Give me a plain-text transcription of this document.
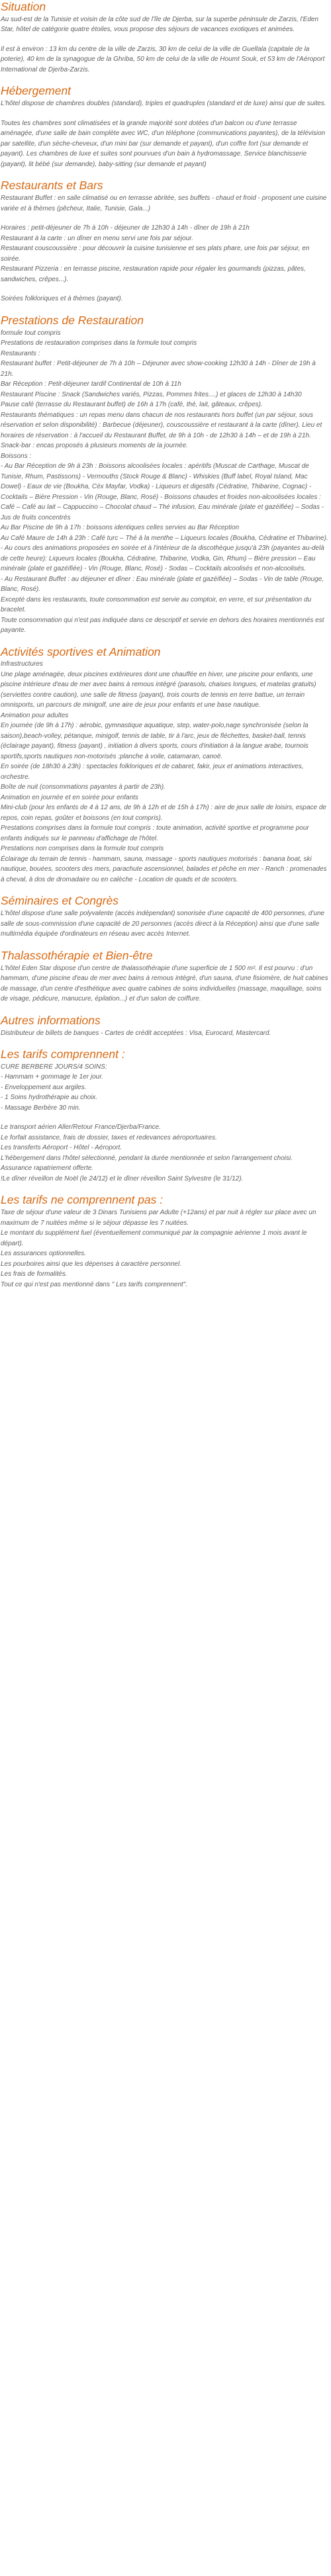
Situation

Au sud-est de la Tunisie et voisin de la côte sud de l'île de Djerba, sur la superbe péninsule de Zarzis, l'Eden Star, hôtel de catégorie quatre étoiles, vous propose des séjours de vacances exotiques et animées.

Il est à environ : 13 km du centre de la ville de Zarzis, 30 km de celui de la ville de Guellala (capitale de la poterie), 40 km de la synagogue de la Ghriba, 50 km de celui de la ville de Houmt Souk, et 53 km de l'Aéroport International de Djerba-Zarzis.

Hébergement

L'hôtel dispose de chambres doubles (standard), triples et quadruples (standard et de luxe) ainsi que de suites.

Toutes les chambres sont climatisées et la grande majorité sont dotées d'un balcon ou d'une terrasse aménagée, d'une salle de bain complète avec WC, d'un téléphone (communications payantes), de la télévision par satellite, d'un sèche-cheveux, d'un mini bar (sur demande et payant), d'un coffre fort (sur demande et payant). Les chambres de luxe et suites sont pourvues d'un bain à hydromassage. Service blanchisserie (payant), lit bébé (sur demande), baby-sitting (sur demande et payant)

Restaurants et Bars

Restaurant Buffet : en salle climatisé ou en terrasse abritée, ses buffets - chaud et froid - proposent une cuisine variée et à thèmes (pêcheur, Italie, Tunisie, Gala...)

Horaires : petit-déjeuner de 7h à 10h - déjeuner de 12h30 à 14h - dîner de 19h à 21h

Restaurant à la carte : un dîner en menu servi une fois par séjour.

Restaurant couscoussière : pour découvrir la cuisine tunisienne et ses plats phare, une fois par séjour, en soirée.

Restaurant Pizzeria : en terrasse piscine, restauration rapide pour régaler les gourmands (pizzas, pâtes, sandwiches, crêpes...).

Soirées folkloriques et à thèmes (payant).

Prestations de Restauration

formule tout compris

Prestations de restauration comprises dans la formule tout compris

Restaurants :

Restaurant buffet : Petit-déjeuner de 7h à 10h – Déjeuner avec show-cooking 12h30 à 14h - Dîner de 19h à 21h.

Bar Réception : Petit-déjeuner tardif Continental de 10h à 11h

Restaurant Piscine : Snack (Sandwiches variés, Pizzas, Pommes frites....) et glaces de 12h30 à 14h30

Pause café (terrasse du Restaurant buffet) de 16h à 17h (café, thé, lait, gâteaux, crêpes).

Restaurants thématiques : un repas menu dans chacun de nos restaurants hors buffet (un par séjour, sous réservation et selon disponibilité) : Barbecue (déjeuner), couscoussière et restaurant à la carte (dîner). Lieu et horaires de réservation : à l'accueil du Restaurant Buffet, de 9h à 10h - de 12h30 à 14h – et de 19h à 21h.

Snack-bar : encas proposés à plusieurs moments de la journée.

Boissons :

- Au Bar Réception de 9h à 23h : Boissons alcoolisées locales : apéritifs (Muscat de Carthage, Muscat de Tunisie, Rhum, Pastissons) - Vermouths (Stock Rouge & Blanc) - Whiskies (Buff label, Royal Island, Mac Dowel) - Eaux de vie (Boukha, Céx Mayfar, Vodka) - Liqueurs et digestifs (Cédratine, Thibarine, Cognac) - Cocktails – Bière Pression - Vin (Rouge, Blanc, Rosé) - Boissons chaudes et froides non-alcoolisées locales : Café – Café au lait – Cappuccino – Chocolat chaud – Thé infusion, Eau minérale (plate et gazéifiée) – Sodas - Jus de fruits concentrés

Au Bar Piscine de 9h à 17h : boissons identiques celles servies au Bar Réception

Au Café Maure de 14h à 23h : Café turc – Thé à la menthe – Liqueurs locales (Boukha, Cédratine et Thibarine).

- Au cours des animations proposées en soirée et à l'intérieur de la discothèque jusqu'à 23h (payantes au-delà de cette heure): Liqueurs locales (Boukha, Cédratine, Thibarine, Vodka, Gin, Rhum) – Bière pression – Eau minérale (plate et gazéifiée) - Vin (Rouge, Blanc, Rosé) - Sodas – Cocktails alcoolisés et non-alcoolisés.

- Au Restaurant Buffet : au déjeuner et dîner : Eau minérale (plate et gazéifiée) – Sodas - Vin de table (Rouge, Blanc, Rosé).

Excepté dans les restaurants, toute consommation est servie au comptoir, en verre, et sur présentation du bracelet.

Toute consommation qui n'est pas indiquée dans ce descriptif et servie en dehors des horaires mentionnés est payante.

Activités sportives et Animation

Infrastructures

Une plage aménagée, deux piscines extérieures dont une chauffée en hiver, une piscine pour enfants, une piscine intérieure d'eau de mer avec bains à remous intégré (parasols, chaises longues, et matelas gratuits) (serviettes contre caution), une salle de fitness (payant), trois courts de tennis en terre battue, un terrain omnisports, un parcours de minigolf, une aire de jeux pour enfants et une base nautique.

Animation pour adultes

En journée (de 9h à 17h) : aérobic, gymnastique aquatique, step, water-polo,nage synchronisée (selon la saison),beach-volley, pétanque, minigolf, tennis de table, tir à l'arc, jeux de fléchettes, basket-ball, tennis (éclairage payant), fitness (payant) , initiation à divers sports, cours d'initiation à la langue arabe, tournois sportifs,sports nautiques non-motorisés :planche à voile, catamaran, canoë.

En soirée (de 18h30 à 23h) : spectacles folkloriques et de cabaret, fakir, jeux et animations interactives, orchestre.

Boîte de nuit (consommations payantes à partir de 23h).

Animation en journée et en soirée pour enfants

Mini-club (pour les enfants de 4 à 12 ans, de 9h à 12h et de 15h à 17h) : aire de jeux salle de loisirs, espace de repos, coin repas, goûter et boissons (en tout compris).

Prestations comprises dans la formule tout compris : toute animation, activité sportive et programme pour enfants indiqués sur le panneau d'affichage de l'hôtel.

Prestations non comprises dans la formule tout compris

Éclairage du terrain de tennis - hammam, sauna, massage - sports nautiques motorisés : banana boat, ski nautique, bouées, scooters des mers, parachute ascensionnel, balades et pêche en mer - Ranch : promenades à cheval, à dos de dromadaire ou en calèche - Location de quads et de scooters.

Séminaires et Congrès

L'hôtel dispose d'une salle polyvalente (accès indépendant) sonorisée d'une capacité de 400 personnes, d'une salle de sous-commission d'une capacité de 20 personnes (accès direct à la Réception) ainsi que d'une salle multimédia équipée d'ordinateurs en réseau avec accès Internet.

Thalassothérapie et Bien-être

L'hôtel Eden Star dispose d'un centre de thalassothérapie d'une superficie de 1 500 m². Il est pourvu : d'un hammam, d'une piscine d'eau de mer avec bains à remous intégré, d'un sauna, d'une fisiomère, de huit cabines de massage, d'un centre d'esthétique avec quatre cabines de soins individuelles (massage, maquillage, soins de visage, pédicure, manucure, épilation...) et d'un salon de coiffure.

Autres informations

Distributeur de billets de banques - Cartes de crédit acceptées : Visa, Eurocard, Mastercard.

Les tarifs comprennent :

CURE BERBERE JOURS/4 SOINS:

- Hammam + gommage le 1er jour.

- Enveloppement aux argiles.

- 1 Soins hydrothérapie au choix.

- Massage Berbère 30 min.

Le transport aérien Aller/Retour France/Djerba/France.

Le forfait assistance, frais de dossier, taxes et redevances aéroportuaires.

Les transferts Aéroport - Hôtel - Aéroport.

L'hébergement dans l'hôtel sélectionné, pendant la durée mentionnée et selon l'arrangement choisi.

Assurance rapatriement offerte.

!Le dîner réveillon de Noël (le 24/12) et le dîner réveillon Saint Sylvestre (le 31/12).

Les tarifs ne comprennent pas :

Taxe de séjour d'une valeur de 3 Dinars Tunisiens par Adulte (+12ans) et par nuit à régler sur place avec un maximum de 7 nuitées même si le séjour dépasse les 7 nuitées.

Le montant du supplément fuel (éventuellement communiqué par la compagnie aérienne 1 mois avant le départ).

Les assurances optionnelles.

Les pourboires ainsi que les dépenses à caractère personnel.

Les frais de formalités.

Tout ce qui n'est pas mentionné dans " Les tarifs comprennent".
